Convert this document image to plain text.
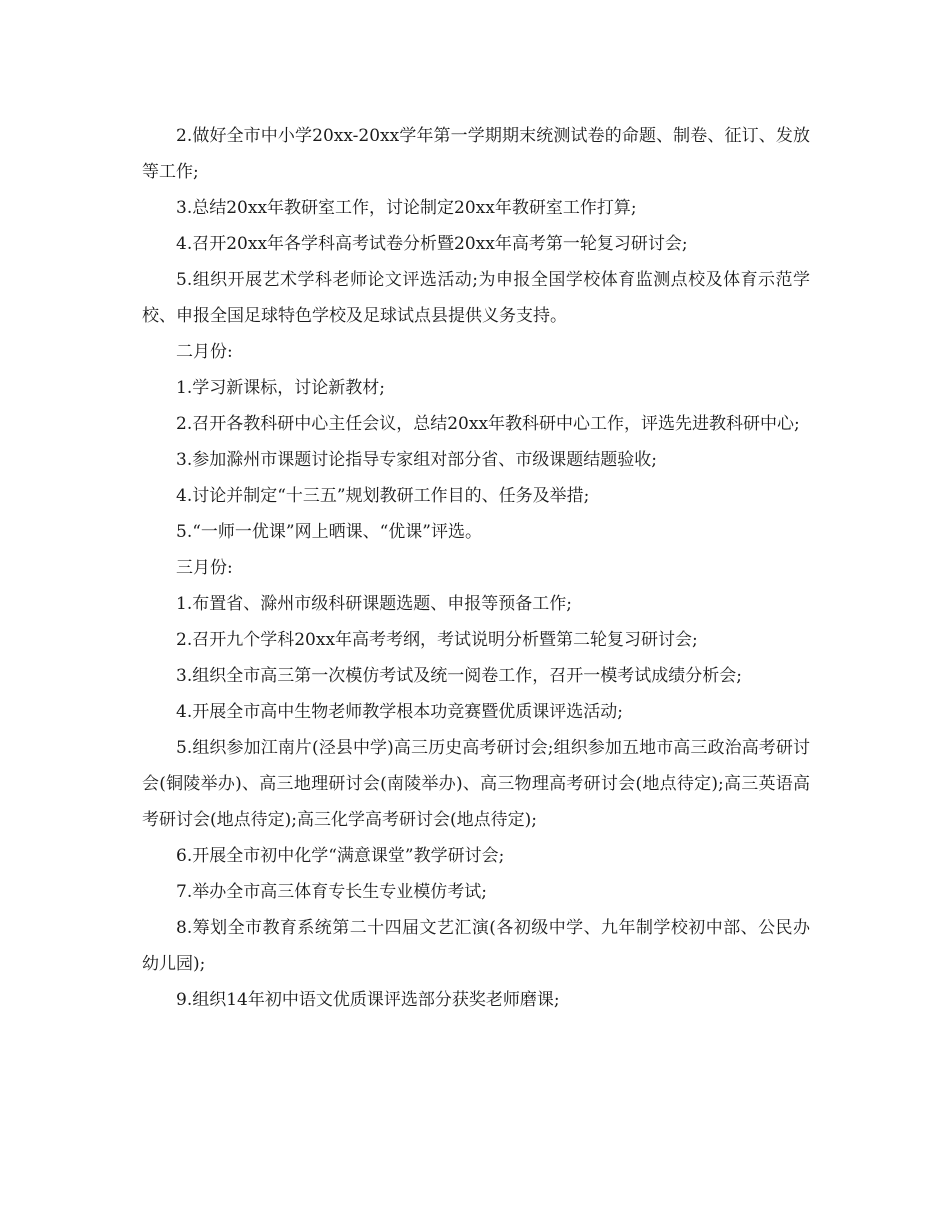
2.做好全市中小学20xx-20xx学年第一学期期末统测试卷的命题、制卷、征订、发放等工作;

3.总结20xx年教研室工作，讨论制定20xx年教研室工作打算;

4.召开20xx年各学科高考试卷分析暨20xx年高考第一轮复习研讨会;

5.组织开展艺术学科老师论文评选活动;为申报全国学校体育监测点校及体育示范学校、申报全国足球特色学校及足球试点县提供义务支持。

二月份:

1.学习新课标，讨论新教材;

2.召开各教科研中心主任会议，总结20xx年教科研中心工作，评选先进教科研中心;

3.参加滁州市课题讨论指导专家组对部分省、市级课题结题验收;

4.讨论并制定“十三五”规划教研工作目的、任务及举措;

5.“一师一优课”网上晒课、“优课”评选。

三月份:

1.布置省、滁州市级科研课题选题、申报等预备工作;

2.召开九个学科20xx年高考考纲，考试说明分析暨第二轮复习研讨会;

3.组织全市高三第一次模仿考试及统一阅卷工作，召开一模考试成绩分析会;

4.开展全市高中生物老师教学根本功竞赛暨优质课评选活动;

5.组织参加江南片(泾县中学)高三历史高考研讨会;组织参加五地市高三政治高考研讨会(铜陵举办)、高三地理研讨会(南陵举办)、高三物理高考研讨会(地点待定);高三英语高考研讨会(地点待定);高三化学高考研讨会(地点待定);

6.开展全市初中化学“满意课堂”教学研讨会;

7.举办全市高三体育专长生专业模仿考试;

8.筹划全市教育系统第二十四届文艺汇演(各初级中学、九年制学校初中部、公民办幼儿园);

9.组织14年初中语文优质课评选部分获奖老师磨课;
